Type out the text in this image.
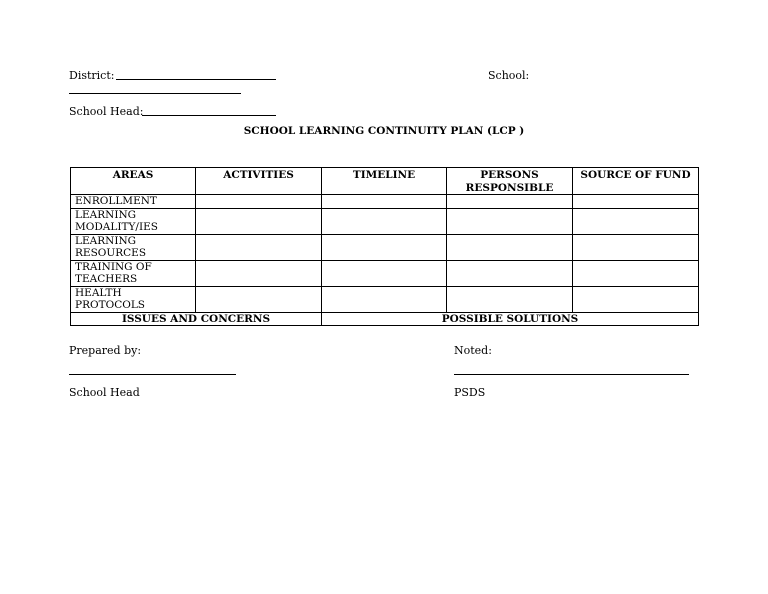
District:	School:
School Head:
SCHOOL LEARNING CONTINUITY PLAN (LCP )
AREAS	ACTIVITIES	TIMELINE	PERSONS RESPONSIBLE	SOURCE OF FUND
ENROLLMENT				
LEARNING MODALITY/IES				
LEARNING RESOURCES				
TRAINING OF TEACHERS				
HEALTH PROTOCOLS				
ISSUES AND CONCERNS		POSSIBLE SOLUTIONS		
Prepared by:
School Head
Noted:
PSDS
